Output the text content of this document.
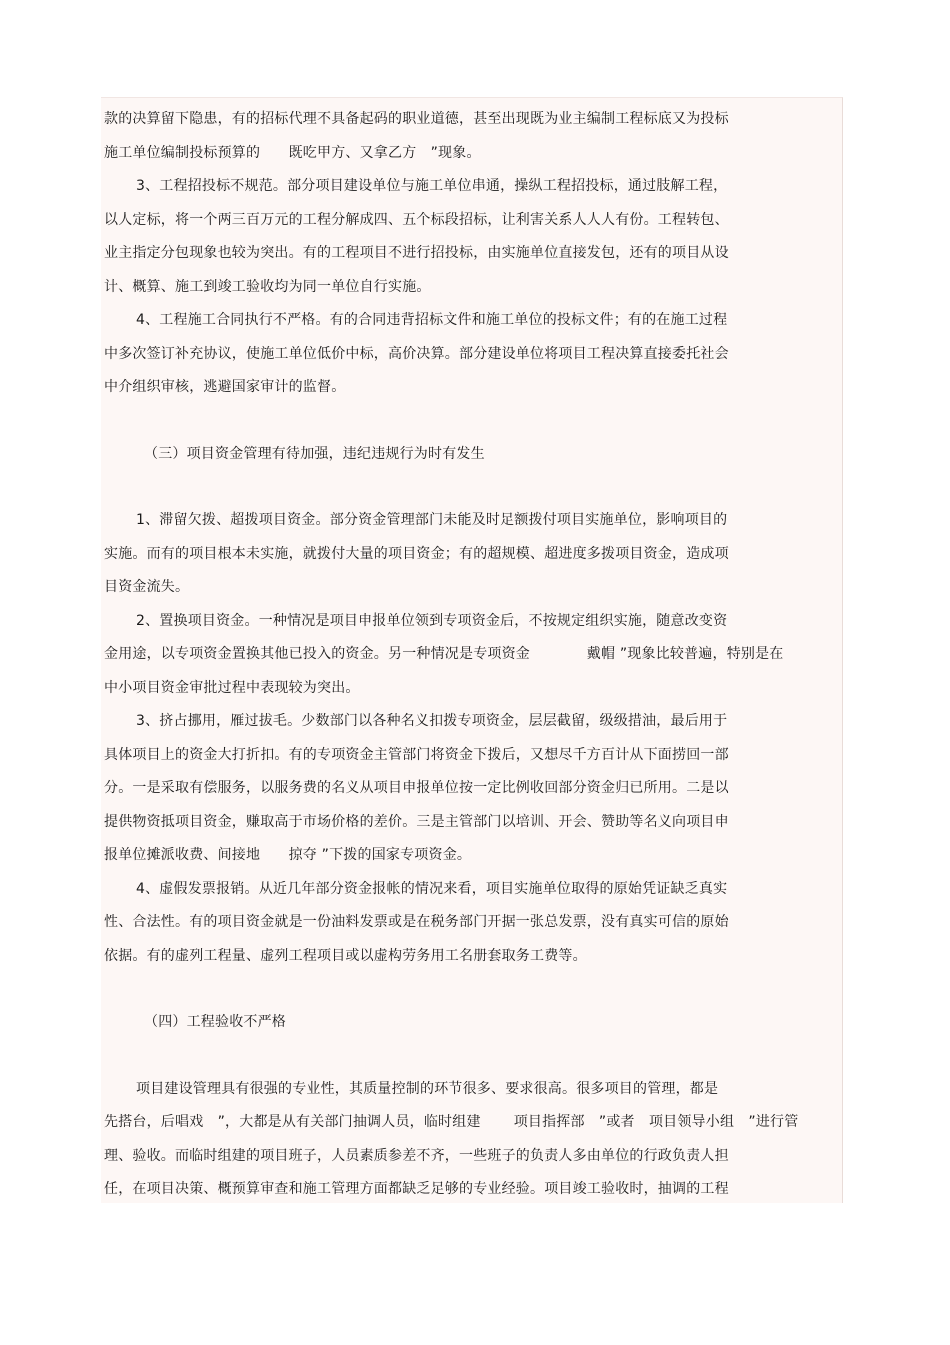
款的决算留下隐患，有的招标代理不具备起码的职业道德，甚至出现既为业主编制工程标底又为投标
施工单位编制投标预算的　　既吃甲方、又拿乙方　”现象。
3、工程招投标不规范。部分项目建设单位与施工单位串通，操纵工程招投标，通过肢解工程，
以人定标，将一个两三百万元的工程分解成四、五个标段招标，让利害关系人人人有份。工程转包、
业主指定分包现象也较为突出。有的工程项目不进行招投标，由实施单位直接发包，还有的项目从设
计、概算、施工到竣工验收均为同一单位自行实施。
4、工程施工合同执行不严格。有的合同违背招标文件和施工单位的投标文件；有的在施工过程
中多次签订补充协议，使施工单位低价中标，高价决算。部分建设单位将项目工程决算直接委托社会
中介组织审核，逃避国家审计的监督。
（三）项目资金管理有待加强，违纪违规行为时有发生
1、滞留欠拨、超拨项目资金。部分资金管理部门未能及时足额拨付项目实施单位，影响项目的
实施。而有的项目根本未实施，就拨付大量的项目资金；有的超规模、超进度多拨项目资金，造成项
目资金流失。
2、置换项目资金。一种情况是项目申报单位领到专项资金后，不按规定组织实施，随意改变资
金用途，以专项资金置换其他已投入的资金。另一种情况是专项资金　　　　戴帽 ”现象比较普遍，特别是在
中小项目资金审批过程中表现较为突出。
3、挤占挪用，雁过拔毛。少数部门以各种名义扣拨专项资金，层层截留，级级措油，最后用于
具体项目上的资金大打折扣。有的专项资金主管部门将资金下拨后，又想尽千方百计从下面捞回一部
分。一是采取有偿服务，以服务费的名义从项目申报单位按一定比例收回部分资金归已所用。二是以
提供物资抵项目资金，赚取高于市场价格的差价。三是主管部门以培训、开会、赞助等名义向项目申
报单位摊派收费、间接地　　掠夺 ”下拨的国家专项资金。
4、虚假发票报销。从近几年部分资金报帐的情况来看，项目实施单位取得的原始凭证缺乏真实
性、合法性。有的项目资金就是一份油料发票或是在税务部门开据一张总发票，没有真实可信的原始
依据。有的虚列工程量、虚列工程项目或以虚构劳务用工名册套取务工费等。
（四）工程验收不严格
项目建设管理具有很强的专业性，其质量控制的环节很多、要求很高。很多项目的管理，都是
先搭台，后唱戏　”，大都是从有关部门抽调人员，临时组建　　 项目指挥部　”或者　项目领导小组　”进行管
理、验收。而临时组建的项目班子，人员素质参差不齐，一些班子的负责人多由单位的行政负责人担
任，在项目决策、概预算审查和施工管理方面都缺乏足够的专业经验。项目竣工验收时，抽调的工程
